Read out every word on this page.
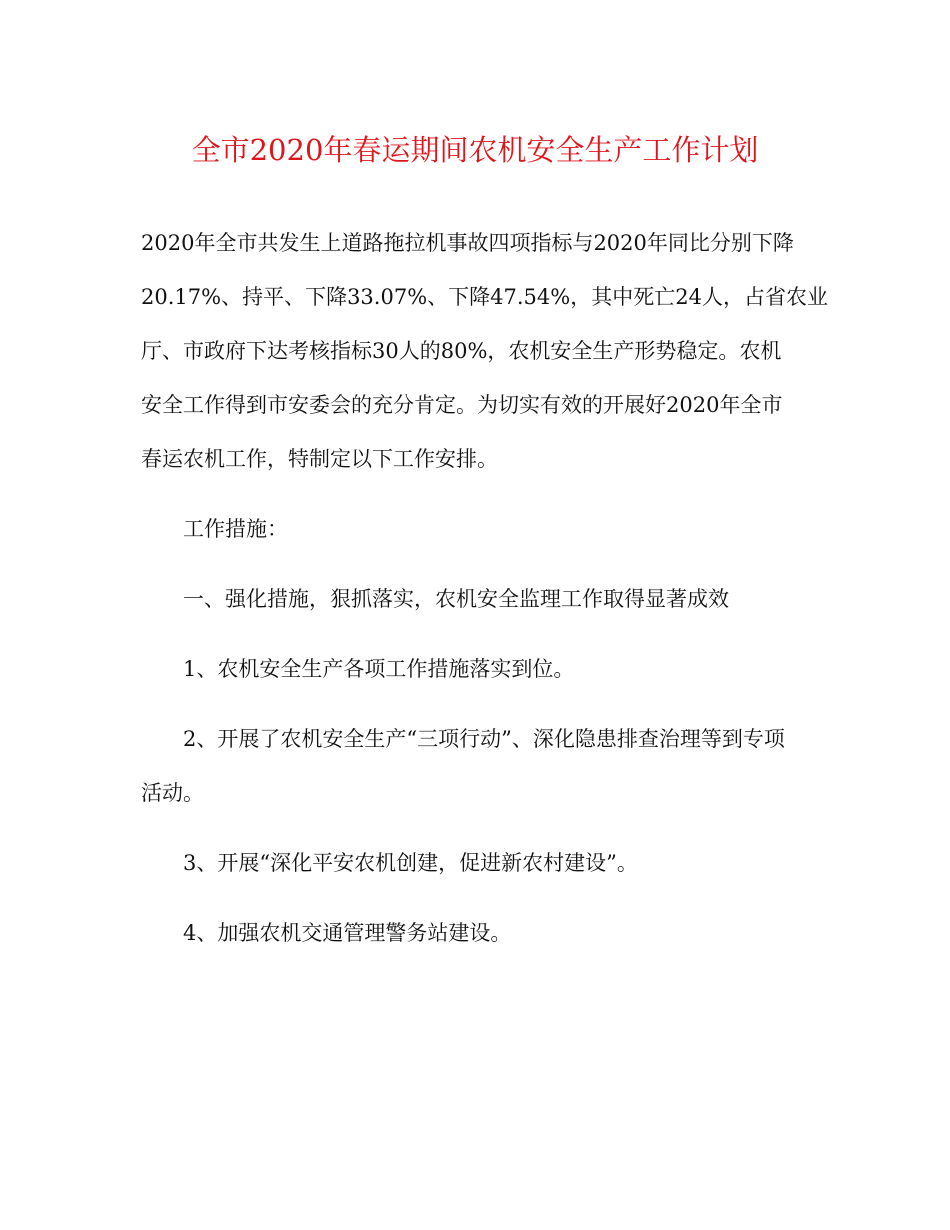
全市2020年春运期间农机安全生产工作计划

2020年全市共发生上道路拖拉机事故四项指标与2020年同比分别下降
20.17%、持平、下降33.07%、下降47.54%，其中死亡24人，占省农业
厅、市政府下达考核指标30人的80%，农机安全生产形势稳定。农机
安全工作得到市安委会的充分肯定。为切实有效的开展好2020年全市
春运农机工作，特制定以下工作安排。

工作措施：

一、强化措施，狠抓落实，农机安全监理工作取得显著成效

1、农机安全生产各项工作措施落实到位。

2、开展了农机安全生产“三项行动”、深化隐患排查治理等到专项
活动。

3、开展“深化平安农机创建，促进新农村建设”。

4、加强农机交通管理警务站建设。
